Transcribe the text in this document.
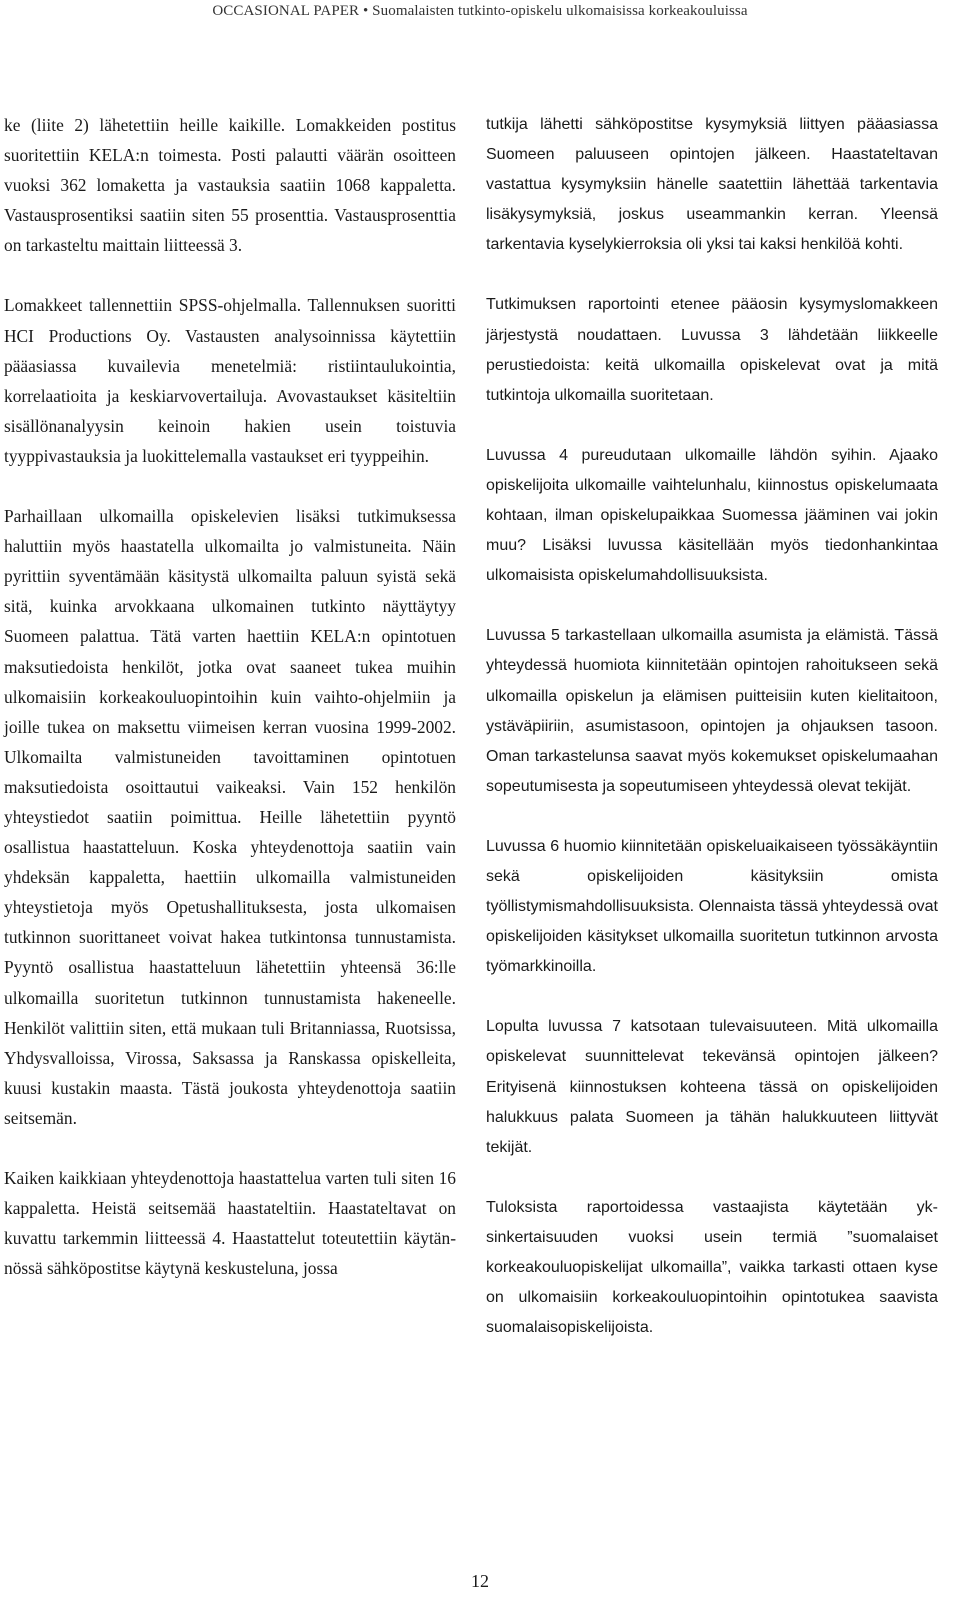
OCCASIONAL PAPER • Suomalaisten tutkinto-opiskelu ulkomaisissa korkeakouluissa

ke (liite 2) lähetettiin heille kaikille. Lomakkeiden postitus suoritettiin KELA:n toimesta. Posti palautti väärän osoitteen vuoksi 362 lomaketta ja vastauksia saatiin 1068 kappaletta. Vastausprosentiksi saatiin siten 55 prosenttia. Vastausprosenttia on tarkasteltu maittain liitteessä 3.

Lomakkeet tallennettiin SPSS-ohjelmalla. Tallennuksen suoritti HCI Productions Oy. Vastausten analysoinnissa käytettiin pääasiassa kuvailevia menetelmiä: ristiintaulukointia, korrelaatioita ja keskiarvovertailuja. Avovastaukset käsiteltiin sisällönanalyysin keinoin hakien usein toistuvia tyyppivastauksia ja luokittelemalla vastaukset eri tyyppeihin.

Parhaillaan ulkomailla opiskelevien lisäksi tutkimuksessa haluttiin myös haastatella ulkomailta jo valmistuneita. Näin pyrittiin syventämään käsitystä ulkomailta paluun syistä sekä sitä, kuinka arvokkaana ulkomainen tutkinto näyttäytyy Suomeen palattua. Tätä varten haettiin KELA:n opintotuen maksutiedoista henkilöt, jotka ovat saaneet tukea muihin ulkomaisiin korkeakouluopintoihin kuin vaihto-ohjelmiin ja joille tukea on maksettu viimeisen kerran vuosina 1999-2002. Ulkomailta valmistuneiden tavoittaminen opintotuen maksutiedoista osoittautui vaikeaksi. Vain 152 henkilön yhteystiedot saatiin poimittua. Heille lähetettiin pyyntö osallistua haastatteluun. Koska yhteydenottoja saatiin vain yhdeksän kappaletta, haettiin ulkomailla valmistuneiden yhteystietoja myös Opetushallituksesta, josta ulkomaisen tutkinnon suorittaneet voivat hakea tutkintonsa tunnustamista. Pyyntö osallistua haastatteluun lähetettiin yhteensä 36:lle ulkomailla suoritetun tutkinnon tunnustamista hakeneelle. Henkilöt valittiin siten, että mukaan tuli Britanniassa, Ruotsissa, Yhdysvalloissa, Virossa, Saksassa ja Ranskassa opiskelleita, kuusi kustakin maasta. Tästä joukosta yhteydenottoja saatiin seitsemän.

Kaiken kaikkiaan yhteydenottoja haastattelua varten tuli siten 16 kappaletta. Heistä seitsemää haastateltiin. Haastateltavat on kuvattu tarkemmin liitteessä 4. Haastattelut toteutettiin käytännössä sähköpostitse käytynä keskusteluna, jossa

tutkija lähetti sähköpostitse kysymyksiä liittyen pääasiassa Suomeen paluuseen opintojen jälkeen. Haastateltavan vastattua kysymyksiin hänelle saatettiin lähettää tarkentavia lisäkysymyksiä, joskus useammankin kerran. Yleensä tarkentavia kyselykierroksia oli yksi tai kaksi henkilöä kohti.

Tutkimuksen raportointi etenee pääosin kysymyslomakkeen järjestystä noudattaen. Luvussa 3 lähdetään liikkeelle perustiedoista: keitä ulkomailla opiskelevat ovat ja mitä tutkintoja ulkomailla suoritetaan.

Luvussa 4 pureudutaan ulkomaille lähdön syihin. Ajaako opiskelijoita ulkomaille vaihtelunhalu, kiinnostus opiskelumaata kohtaan, ilman opiskelupaikkaa Suomessa jääminen vai jokin muu? Lisäksi luvussa käsitellään myös tiedonhankintaa ulkomaisista opiskelumahdollisuuksista.

Luvussa 5 tarkastellaan ulkomailla asumista ja elämistä. Tässä yhteydessä huomiota kiinnitetään opintojen rahoitukseen sekä ulkomailla opiskelun ja elämisen puitteisiin kuten kielitaitoon, ystäväpiiriin, asumistasoon, opintojen ja ohjauksen tasoon. Oman tarkastelunsa saavat myös kokemukset opiskelumaahan sopeutumisesta ja sopeutumiseen yhteydessä olevat tekijät.

Luvussa 6 huomio kiinnitetään opiskeluaikaiseen työssäkäyntiin sekä opiskelijoiden käsityksiin omista työllistymismahdollisuuksista. Olennaista tässä yhteydessä ovat opiskelijoiden käsitykset ulkomailla suoritetun tutkinnon arvosta työmarkkinoilla.

Lopulta luvussa 7 katsotaan tulevaisuuteen. Mitä ulkomailla opiskelevat suunnittelevat tekevänsä opintojen jälkeen? Erityisenä kiinnostuksen kohteena tässä on opiskelijoiden halukkuus palata Suomeen ja tähän halukkuuteen liittyvät tekijät.

Tuloksista raportoidessa vastaajista käytetään yksinkertaisuuden vuoksi usein termiä ”suomalaiset korkeakouluopiskelijat ulkomailla”, vaikka tarkasti ottaen kyse on ulkomaisiin korkeakouluopintoihin opintotukea saavista suomalaisopiskelijoista.

12
